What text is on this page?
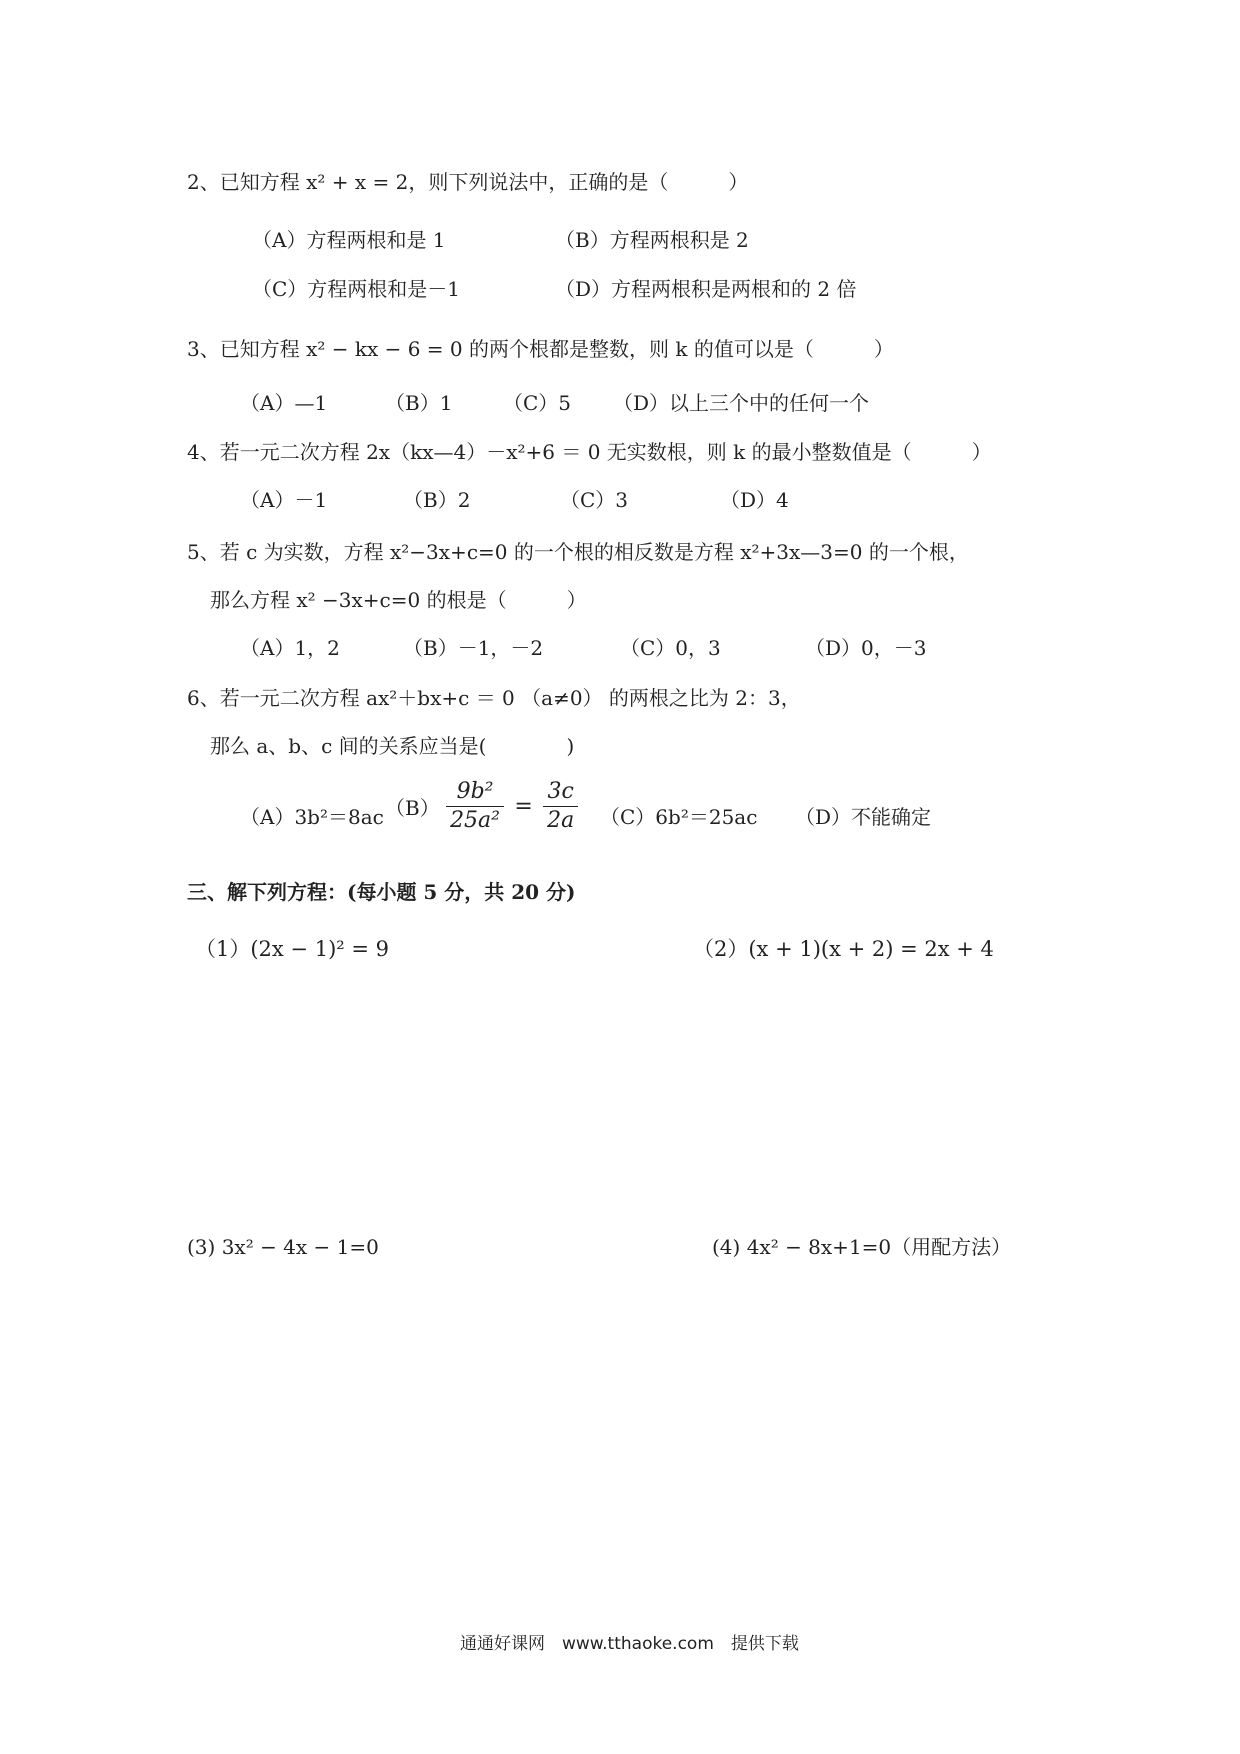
2、已知方程 x² + x = 2，则下列说法中，正确的是（　　　）
（A）方程两根和是 1	（B）方程两根积是 2
（C）方程两根和是－1	（D）方程两根积是两根和的 2 倍
3、已知方程 x² − kx − 6 = 0 的两个根都是整数，则 k 的值可以是（　　　）
（A）—1	（B）1	（C）5 （D）以上三个中的任何一个
4、若一元二次方程 2x（kx—4）－x²+6 ＝ 0 无实数根，则 k 的最小整数值是（　　　）
（A）－1	（B）2	（C）3	（D）4
5、若 c 为实数，方程 x²−3x+c=0 的一个根的相反数是方程 x²+3x—3=0 的一个根，
那么方程 x² −3x+c=0 的根是（　　　）
（A）1，2	（B）－1，－2	（C）0，3	（D）0，－3
6、若一元二次方程 ax²＋bx+c ＝ 0 （a≠0） 的两根之比为 2：3，
那么 a、b、c 间的关系应当是(　　　　)
（A）3b²＝8ac $(B) \frac{\text{9b²}}{\text{25a²}} = \frac{3c}{2a} (C)6b^2=25ac$ （D）不能确定
三、解下列方程：(每小题 5 分，共 20 分)
（1）(2x − 1)² = 9	（2）(x + 1)(x + 2) = 2x + 4
(3) 3x² − 4x − 1=0	(4) 4x² − 8x+1=0（用配方法）
通通好课网　www.tthaoke.com　提供下载
